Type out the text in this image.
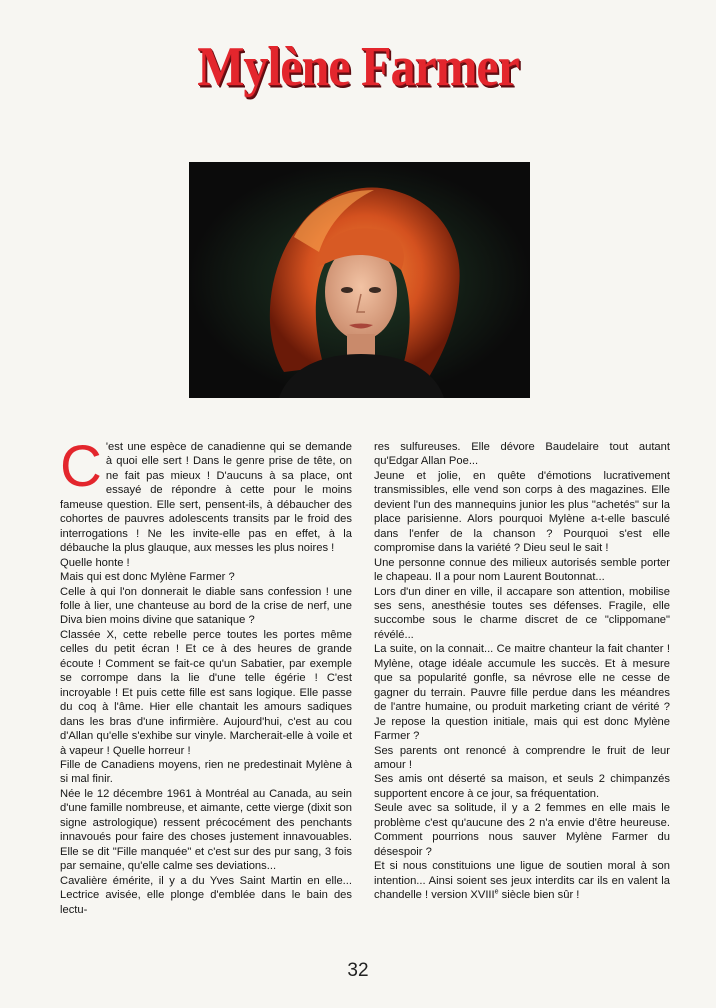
Mylène Farmer

C 'est une espèce de canadienne qui se demande à quoi elle sert ! Dans le genre prise de tête, on ne fait pas mieux ! D'aucuns à sa place, ont essayé de répondre à cette pour le moins fameuse question. Elle sert, pensent-ils, à débaucher des cohortes de pauvres adolescents transits par le froid des interrogations ! Ne les invite-elle pas en effet, à la débauche la plus glauque, aux messes les plus noires !

Quelle honte !

Mais qui est donc Mylène Farmer ?

Celle à qui l'on donnerait le diable sans confession ! une folle à lier, une chanteuse au bord de la crise de nerf, une Diva bien moins divine que satanique ?

Classée X, cette rebelle perce toutes les portes même celles du petit écran ! Et ce à des heures de grande écoute ! Comment se fait-ce qu'un Sabatier, par exemple se corrompe dans la lie d'une telle égérie ! C'est incroyable ! Et puis cette fille est sans logique. Elle passe du coq à l'âme. Hier elle chantait les amours sadiques dans les bras d'une infirmière. Aujourd'hui, c'est au cou d'Allan qu'elle s'exhibe sur vinyle. Marcherait-elle à voile et à vapeur ! Quelle horreur !

Fille de Canadiens moyens, rien ne predestinait Mylène à si mal finir.

Née le 12 décembre 1961 à Montréal au Canada, au sein d'une famille nombreuse, et aimante, cette vierge (dixit son signe astrologique) ressent précocément des penchants innavoués pour faire des choses justement innavouables. Elle se dit "Fille manquée" et c'est sur des pur sang, 3 fois par semaine, qu'elle calme ses deviations...

Cavalière émérite, il y a du Yves Saint Martin en elle... Lectrice avisée, elle plonge d'emblée dans le bain des lectu-

res sulfureuses. Elle dévore Baudelaire tout autant qu'Edgar Allan Poe...

Jeune et jolie, en quête d'émotions lucrativement transmissibles, elle vend son corps à des magazines. Elle devient l'un des mannequins junior les plus "achetés" sur la place parisienne. Alors pourquoi Mylène a-t-elle basculé dans l'enfer de la chanson ? Pourquoi s'est elle compromise dans la variété ? Dieu seul le sait !

Une personne connue des milieux autorisés semble porter le chapeau. Il a pour nom Laurent Boutonnat...

Lors d'un diner en ville, il accapare son attention, mobilise ses sens, anesthésie toutes ses défenses. Fragile, elle succombe sous le charme discret de ce "clippomane" révélé...

La suite, on la connait... Ce maitre chanteur la fait chanter ! Mylène, otage idéale accumule les succès. Et à mesure que sa popularité gonfle, sa névrose elle ne cesse de gagner du terrain. Pauvre fille perdue dans les méandres de l'antre humaine, ou produit marketing criant de vérité ? Je repose la question initiale, mais qui est donc Mylène Farmer ?

Ses parents ont renoncé à comprendre le fruit de leur amour !

Ses amis ont déserté sa maison, et seuls 2 chimpanzés supportent encore à ce jour, sa fréquentation.

Seule avec sa solitude, il y a 2 femmes en elle mais le problème c'est qu'aucune des 2 n'a envie d'être heureuse. Comment pourrions nous sauver Mylène Farmer du désespoir ?

Et si nous constituions une ligue de soutien moral à son intention... Ainsi soient ses jeux interdits car ils en valent la chandelle ! version XVIIIe siècle bien sûr !

32
